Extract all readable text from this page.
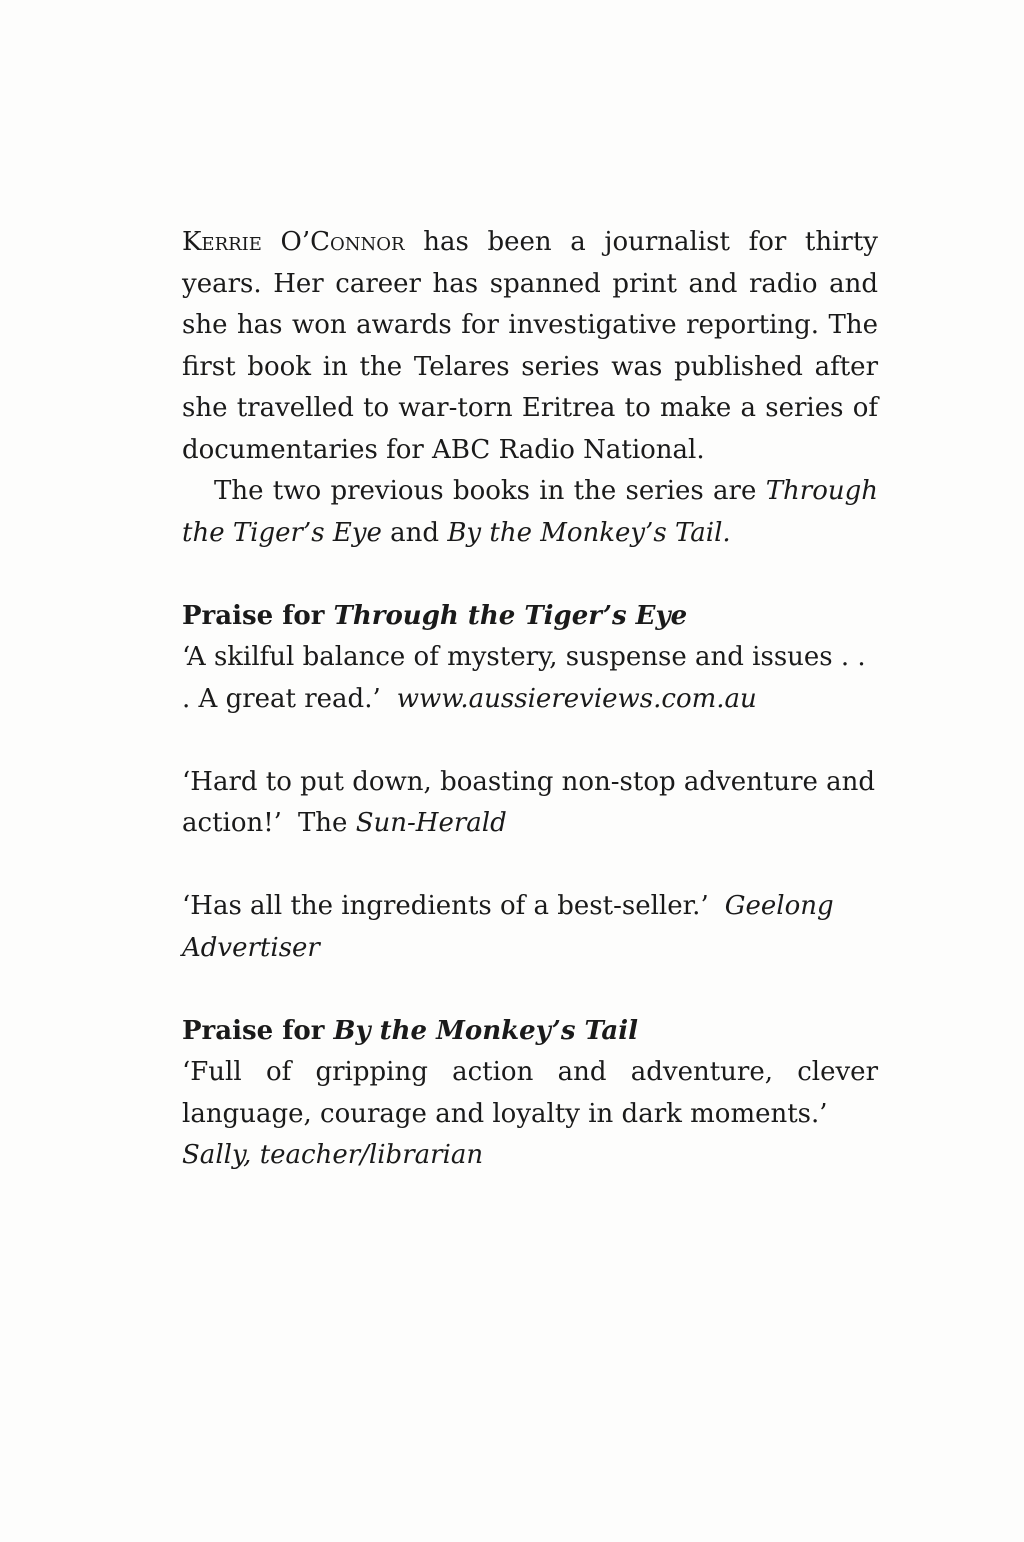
Kerrie O’Connor has been a journalist for thirty years. Her career has spanned print and radio and she has won awards for investigative reporting. The first book in the Telares series was published after she travelled to war-torn Eritrea to make a series of documentaries for ABC Radio National.

The two previous books in the series are Through the Tiger’s Eye and By the Monkey’s Tail.

Praise for Through the Tiger’s Eye

‘A skilful balance of mystery, suspense and issues . . . A great read.’ www.aussiereviews.com.au

‘Hard to put down, boasting non-stop adventure and action!’ The Sun-Herald

‘Has all the ingredients of a best-seller.’ Geelong Advertiser

Praise for By the Monkey’s Tail

‘Full of gripping action and adventure, clever language, courage and loyalty in dark moments.’
Sally, teacher/librarian
